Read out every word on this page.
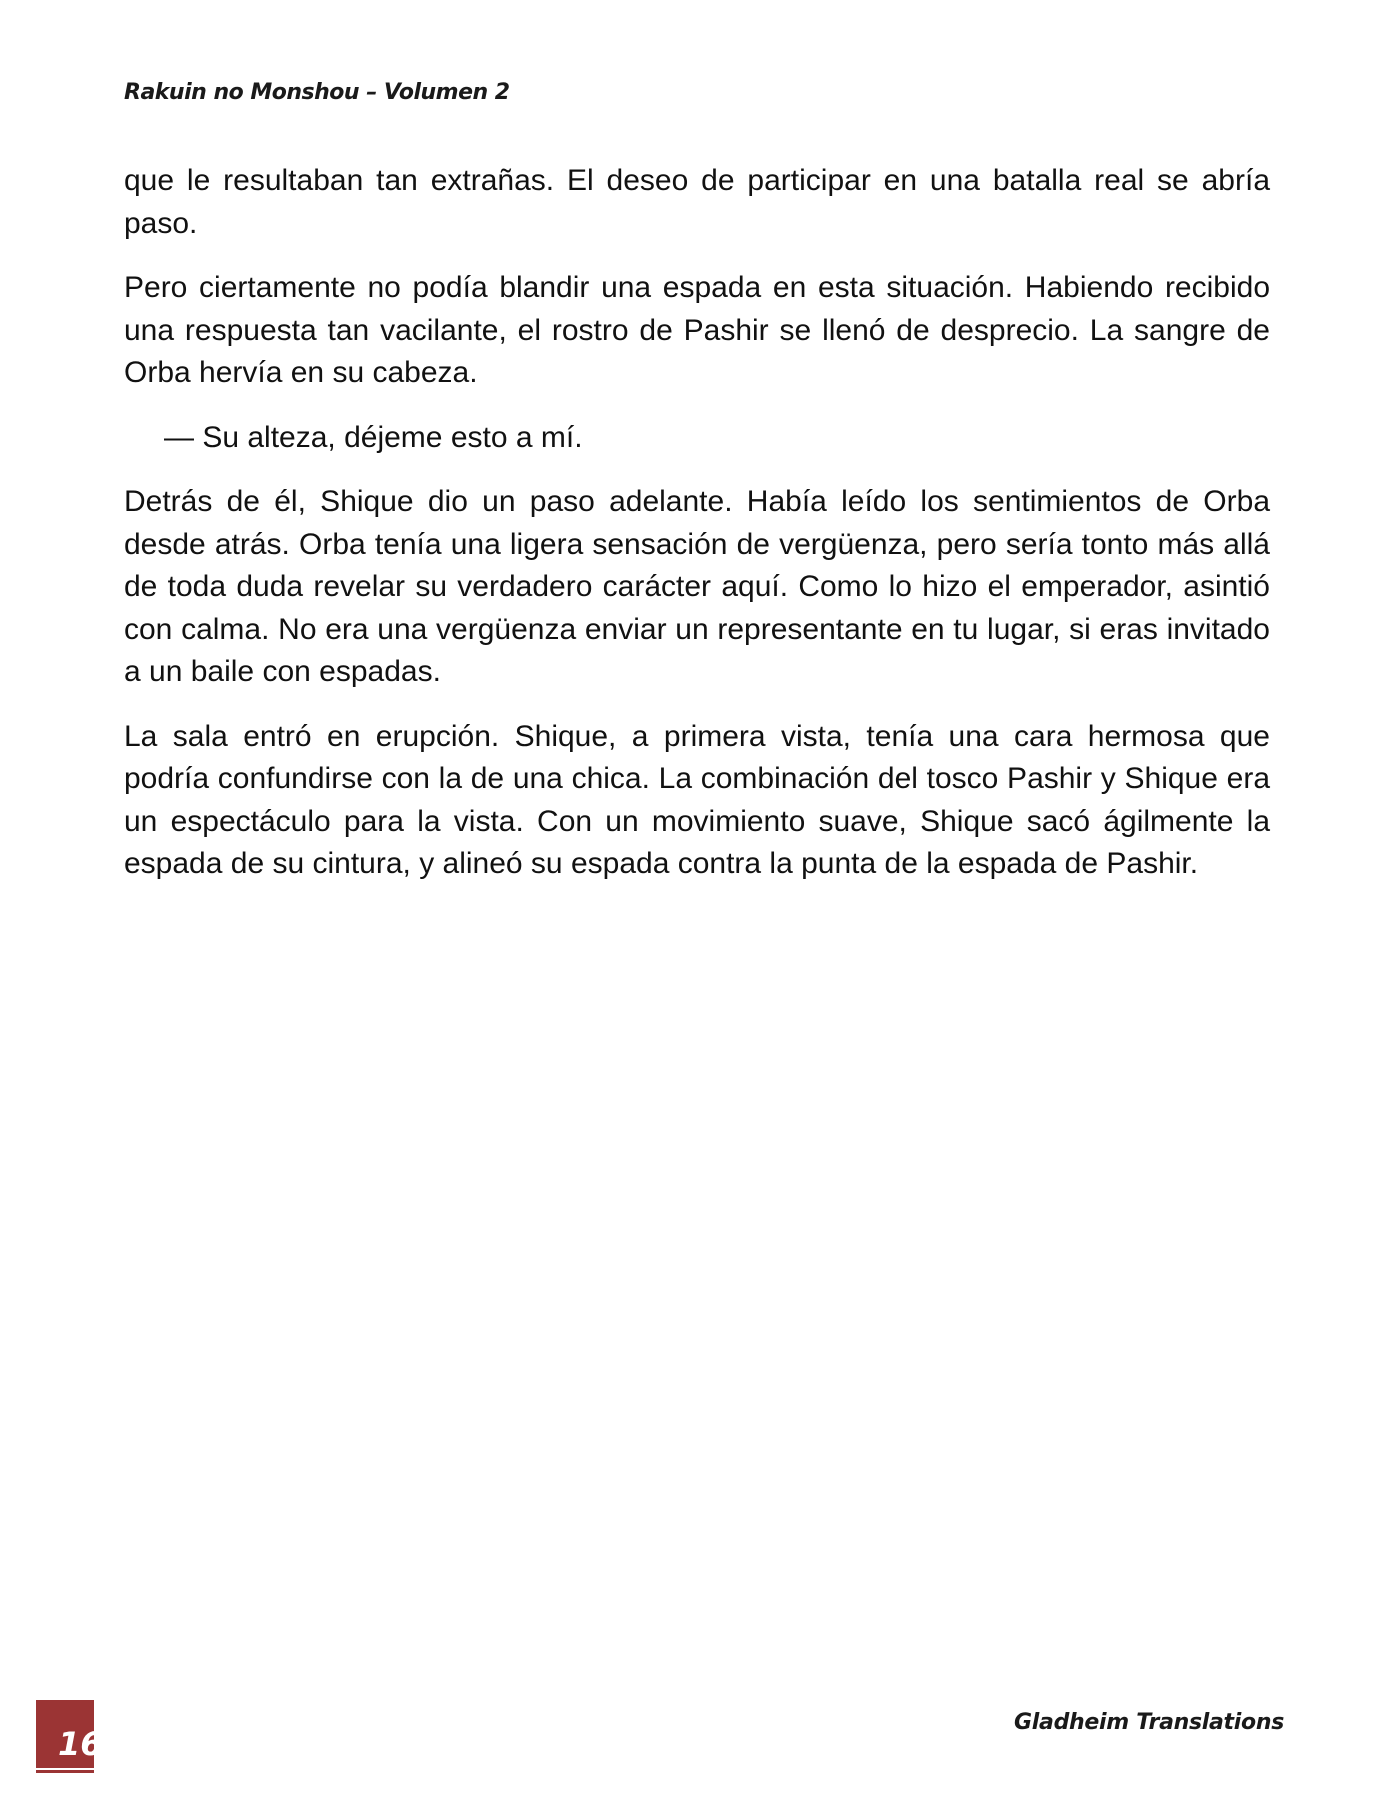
Rakuin no Monshou – Volumen 2

que le resultaban tan extrañas. El deseo de participar en una batalla real se abría paso.

Pero ciertamente no podía blandir una espada en esta situación. Habiendo recibido una respuesta tan vacilante, el rostro de Pashir se llenó de desprecio. La sangre de Orba hervía en su cabeza.

— Su alteza, déjeme esto a mí.

Detrás de él, Shique dio un paso adelante. Había leído los sentimientos de Orba desde atrás. Orba tenía una ligera sensación de vergüenza, pero sería tonto más allá de toda duda revelar su verdadero carácter aquí. Como lo hizo el emperador, asintió con calma. No era una vergüenza enviar un representante en tu lugar, si eras invitado a un baile con espadas.

La sala entró en erupción. Shique, a primera vista, tenía una cara hermosa que podría confundirse con la de una chica. La combinación del tosco Pashir y Shique era un espectáculo para la vista. Con un movimiento suave, Shique sacó ágilmente la espada de su cintura, y alineó su espada contra la punta de la espada de Pashir.

16
Gladheim Translations
